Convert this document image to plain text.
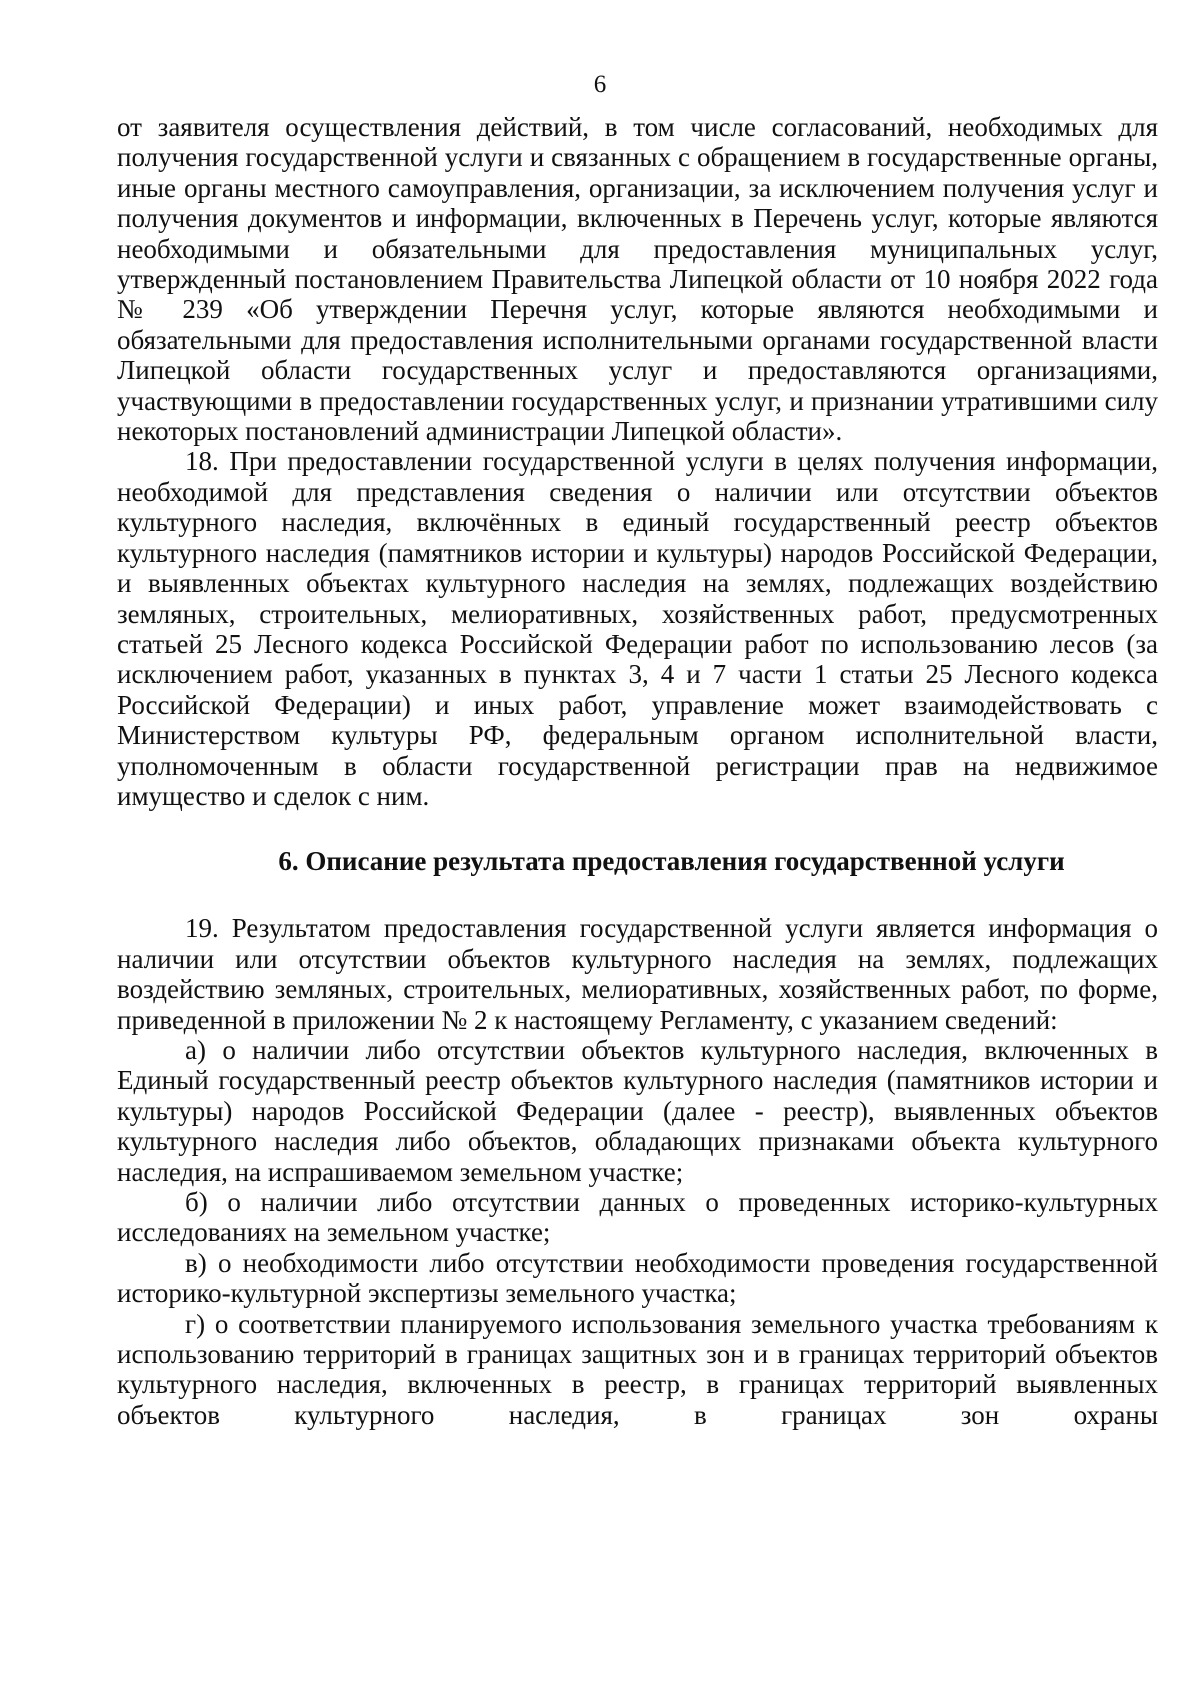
6

от заявителя осуществления действий, в том числе согласований, необходимых для получения государственной услуги и связанных с обращением в государственные органы, иные органы местного самоуправления, организации, за исключением получения услуг и получения документов и информации, включенных в Перечень услуг, которые являются необходимыми и обязательными для предоставления муниципальных услуг, утвержденный постановлением Правительства Липецкой области от 10 ноября 2022 года № 239 «Об утверждении Перечня услуг, которые являются необходимыми и обязательными для предоставления исполнительными органами государственной власти Липецкой области государственных услуг и предоставляются организациями, участвующими в предоставлении государственных услуг, и признании утратившими силу некоторых постановлений администрации Липецкой области».

18. При предоставлении государственной услуги в целях получения информации, необходимой для представления сведения о наличии или отсутствии объектов культурного наследия, включённых в единый государственный реестр объектов культурного наследия (памятников истории и культуры) народов Российской Федерации, и выявленных объектах культурного наследия на землях, подлежащих воздействию земляных, строительных, мелиоративных, хозяйственных работ, предусмотренных статьей 25 Лесного кодекса Российской Федерации работ по использованию лесов (за исключением работ, указанных в пунктах 3, 4 и 7 части 1 статьи 25 Лесного кодекса Российской Федерации) и иных работ, управление может взаимодействовать с Министерством культуры РФ, федеральным органом исполнительной власти, уполномоченным в области государственной регистрации прав на недвижимое имущество и сделок с ним.

6. Описание результата предоставления государственной услуги

19. Результатом предоставления государственной услуги является информация о наличии или отсутствии объектов культурного наследия на землях, подлежащих воздействию земляных, строительных, мелиоративных, хозяйственных работ, по форме, приведенной в приложении № 2 к настоящему Регламенту, с указанием сведений:

а) о наличии либо отсутствии объектов культурного наследия, включенных в Единый государственный реестр объектов культурного наследия (памятников истории и культуры) народов Российской Федерации (далее - реестр), выявленных объектов культурного наследия либо объектов, обладающих признаками объекта культурного наследия, на испрашиваемом земельном участке;

б) о наличии либо отсутствии данных о проведенных историко-культурных исследованиях на земельном участке;

в) о необходимости либо отсутствии необходимости проведения государственной историко-культурной экспертизы земельного участка;

г) о соответствии планируемого использования земельного участка требованиям к использованию территорий в границах защитных зон и в границах территорий объектов культурного наследия, включенных в реестр, в границах территорий выявленных объектов культурного наследия, в границах зон охраны
